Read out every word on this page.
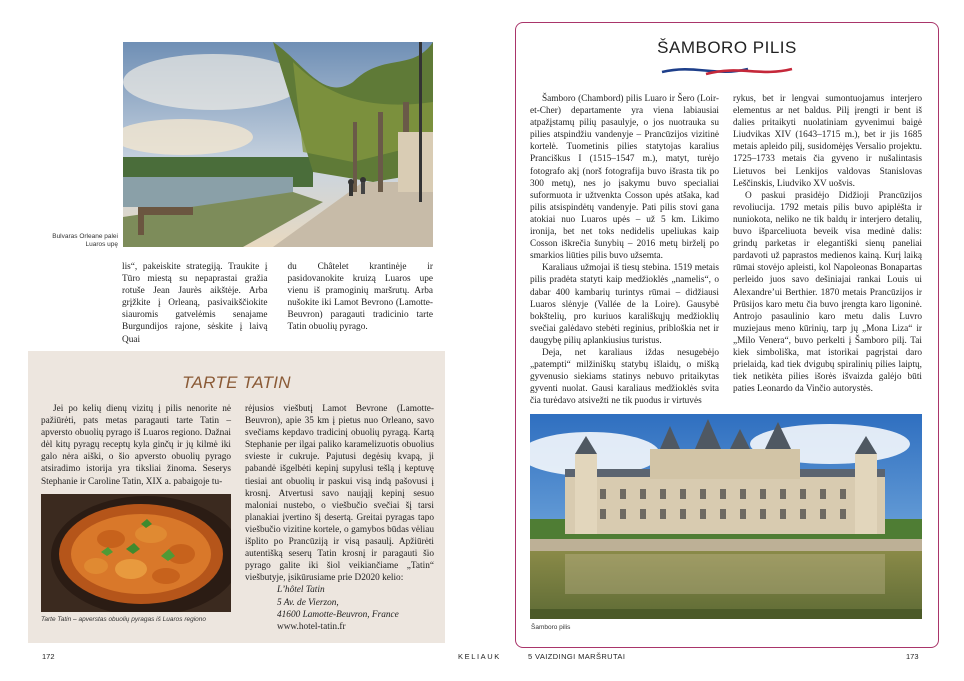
Bulvaras Orleane palei Luaros upę

lis“, pakeiskite strategiją. Traukite į Tūro miestą su nepaprastai gražia rotuše Jean Jaurès aikštėje. Arba grįžkite į Orleaną, pasivaikščiokite siauromis gatvelėmis senajame Burgundijos rajone, sėskite į laivą Quai

du Châtelet krantinėje ir pasidovanokite kruizą Luaros upe vienu iš pramoginių maršrutų. Arba nušokite iki Lamot Bevrono (Lamotte-Beuvron) paragauti tradicinio tarte Tatin obuolių pyrago.

TARTE TATIN

Jei po kelių dienų vizitų į pilis nenorite nė pažiūrėti, pats metas paragauti tarte Tatin – apversto obuolių pyrago iš Luaros regiono. Dažnai dėl kitų pyragų receptų kyla ginčų ir jų kilmė iki galo nėra aiški, o šio apversto obuolių pyrago atsiradimo istorija yra tiksliai žinoma. Seserys Stephanie ir Caroline Tatin, XIX a. pabaigoje tu-

Tarte Tatin – apverstas obuolių pyragas iš Luaros regiono

rėjusios viešbutį Lamot Bevrone (Lamotte-Beuvron), apie 35 km į pietus nuo Orleano, savo svečiams kepdavo tradicinį obuolių pyragą. Kartą Stephanie per ilgai paliko karamelizuotis obuolius svieste ir cukruje. Pajutusi degėsių kvapą, ji pabandė išgelbėti kepinį supylusi tešlą į keptuvę tiesiai ant obuolių ir paskui visą indą pašovusi į krosnį. Atvertusi savo naująjį kepinį sesuo maloniai nustebo, o viešbučio svečiai šį tarsi planakiai įvertino šį desertą. Greitai pyragas tapo viešbučio vizitine kortele, o gamybos būdas vėliau išplito po Prancūziją ir visą pasaulį. Apžiūrėti autentišką seserų Tatin krosnį ir paragauti šio pyrago galite iki šiol veikiančiame „Tatin“ viešbutyje, įsikūrusiame prie D2020 kelio:

L’hôtel Tatin

5 Av. de Vierzon,

41600 Lamotte-Beuvron, France

www.hotel-tatin.fr

172	KELIAUK
ŠAMBORO PILIS

Šamboro (Chambord) pilis Luaro ir Šero (Loir-et-Cher) departamente yra viena labiausiai atpažįstamų pilių pasaulyje, o jos nuotrauka su pilies atspindžiu vandenyje – Prancūzijos vizitinė kortelė. Tuometinis pilies statytojas karalius Pranciškus I (1515–1547 m.), matyt, turėjo fotografo akį (norš fotografija buvo išrasta tik po 300 metų), nes jo įsakymu buvo specialiai suformuota ir užtvenkta Cosson upės atšaka, kad pilis atsispindėtų vandenyje. Pati pilis stovi gana atokiai nuo Luaros upės – už 5 km. Likimo ironija, bet net toks nedidelis upeliukas kaip Cosson iškrečia šunybių – 2016 metų birželį po smarkios liūties pilis buvo užsemta.

Karaliaus užmojai iš tiesų stebina. 1519 metais pilis pradėta statyti kaip medžioklės „namelis“, o dabar 400 kambarių turintys rūmai – didžiausi Luaros slėnyje (Vallée de la Loire). Gausybė bokštelių, pro kuriuos karališkųjų medžioklių svečiai galėdavo stebėti reginius, pribloškia net ir daugybę pilių aplankiusius turistus.

Deja, net karaliaus iždas nesugebėjo „patempti“ milžiniškų statybų išlaidų, o mišką gyvenusio siekiams statinys nebuvo pritaikytas gyventi nuolat. Gausi karaliaus medžioklės svita čia turėdavo atsivežti ne tik puodus ir virtuvės

rykus, bet ir lengvai sumontuojamus interjero elementus ar net baldus. Pilį įrengti ir bent iš dalies pritaikyti nuolatiniam gyvenimui baigė Liudvikas XIV (1643–1715 m.), bet ir jis 1685 metais apleido pilį, susidomėjęs Versalio projektu. 1725–1733 metais čia gyveno ir nušalintasis Lietuvos bei Lenkijos valdovas Stanislovas Leščinskis, Liudviko XV uošvis.

O paskui prasidėjo Didžioji Prancūzijos revoliucija. 1792 metais pilis buvo apiplėšta ir nuniokota, neliko ne tik baldų ir interjero detalių, buvo išparceliuota beveik visa medinė dalis: grindų parketas ir elegantiški sienų paneliai pardavoti už paprastos medienos kainą. Kurį laiką rūmai stovėjo apleisti, kol Napoleonas Bonapartas perleido juos savo dešiniajai rankai Louis ui Alexandre’ui Berthier. 1870 metais Prancūzijos ir Prūsijos karo metu čia buvo įrengta karo ligoninė. Antrojo pasaulinio karo metu dalis Luvro muziejaus meno kūrinių, tarp jų „Mona Liza“ ir „Milo Venera“, buvo perkelti į Šamboro pilį. Tai kiek simboliška, mat istorikai pagrįstai daro prielaidą, kad tiek dvigubų spiralinių pilies laiptų, tiek netikėta pilies išorės išvaizda galėjo būti paties Leonardo da Vinčio autorystės.

Šamboro pilis
5 VAIZDINGI MARŠRUTAI	173
